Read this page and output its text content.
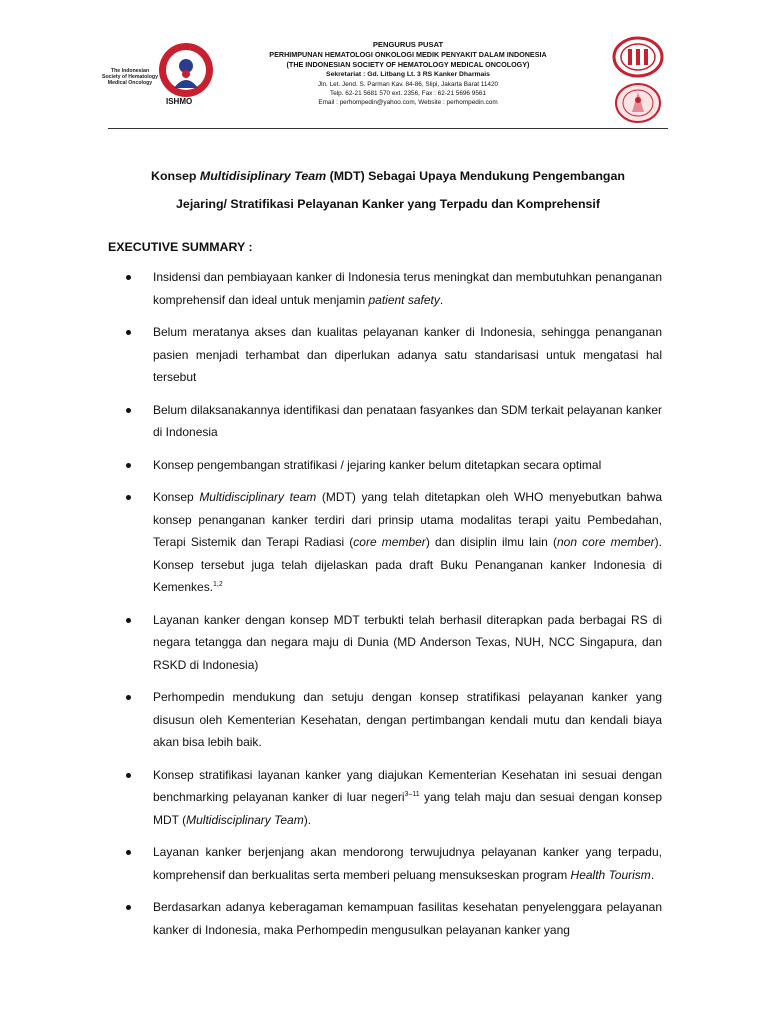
The Indonesian Society of Hematology Medical Oncology
ISHMO
PENGURUS PUSAT
PERHIMPUNAN HEMATOLOGI ONKOLOGI MEDIK PENYAKIT DALAM INDONESIA
(THE INDONESIAN SOCIETY OF HEMATOLOGY MEDICAL ONCOLOGY)
Sekretariat : Gd. Litbang Lt. 3 RS Kanker Dharmais
Jln. Let. Jend. S. Parman Kav. 84-86, Slipi, Jakarta Barat 11420
Telp. 62-21 5681 570 ext. 2356, Fax : 62-21 5696 9561
Email : perhompedin@yahoo.com, Website : perhompedin.com
Konsep Multidisiplinary Team (MDT) Sebagai Upaya Mendukung Pengembangan
Jejaring/ Stratifikasi Pelayanan Kanker yang Terpadu dan Komprehensif
EXECUTIVE SUMMARY :
Insidensi dan pembiayaan kanker di Indonesia terus meningkat dan membutuhkan penanganan komprehensif dan ideal untuk menjamin patient safety.
Belum meratanya akses dan kualitas pelayanan kanker di Indonesia, sehingga penanganan pasien menjadi terhambat dan diperlukan adanya satu standarisasi untuk mengatasi hal tersebut
Belum dilaksanakannya identifikasi dan penataan fasyankes dan SDM terkait pelayanan kanker di Indonesia
Konsep pengembangan stratifikasi / jejaring kanker belum ditetapkan secara optimal
Konsep Multidisciplinary team (MDT) yang telah ditetapkan oleh WHO menyebutkan bahwa konsep penanganan kanker terdiri dari prinsip utama modalitas terapi yaitu Pembedahan, Terapi Sistemik dan Terapi Radiasi (core member) dan disiplin ilmu lain (non core member). Konsep tersebut juga telah dijelaskan pada draft Buku Penanganan kanker Indonesia di Kemenkes.$^{1,2}$
Layanan kanker dengan konsep MDT terbukti telah berhasil diterapkan pada berbagai RS di negara tetangga dan negara maju di Dunia (MD Anderson Texas, NUH, NCC Singapura, dan RSKD di Indonesia)
Perhompedin mendukung dan setuju dengan konsep stratifikasi pelayanan kanker yang disusun oleh Kementerian Kesehatan, dengan pertimbangan kendali mutu dan kendali biaya akan bisa lebih baik.
Konsep stratifikasi layanan kanker yang diajukan Kementerian Kesehatan ini sesuai dengan benchmarking pelayanan kanker di luar negeri$^{3-11}$ yang telah maju dan sesuai dengan konsep MDT (Multidisciplinary Team).
Layanan kanker berjenjang akan mendorong terwujudnya pelayanan kanker yang terpadu, komprehensif dan berkualitas serta memberi peluang mensukseskan program Health Tourism.
Berdasarkan adanya keberagaman kemampuan fasilitas kesehatan penyelenggara pelayanan kanker di Indonesia, maka Perhompedin mengusulkan pelayanan kanker yang
